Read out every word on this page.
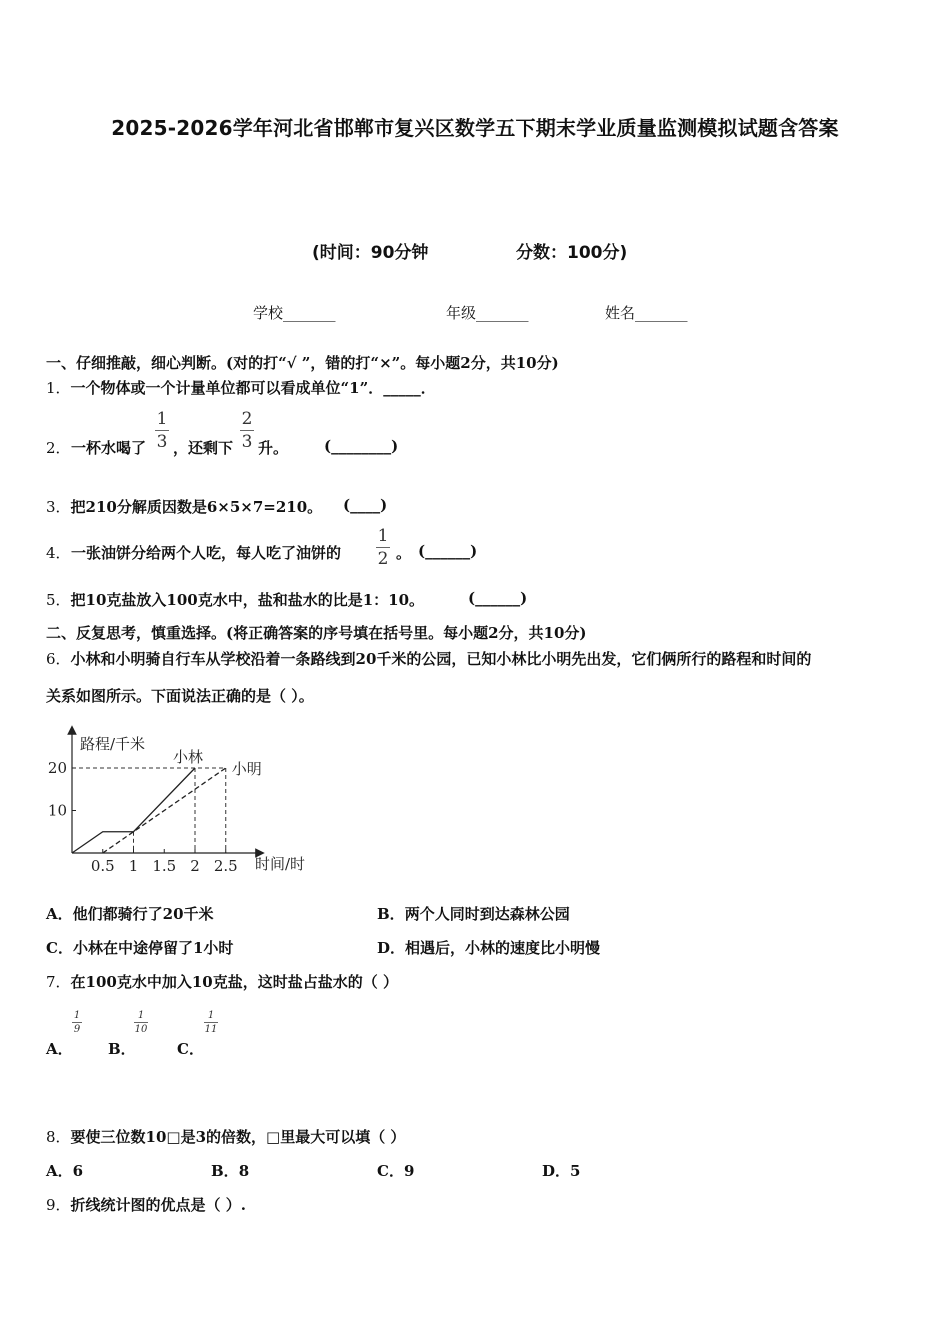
2025-2026学年河北省邯郸市复兴区数学五下期末学业质量监测模拟试题含答案
(时间：90分钟	分数：100分)
学校_______	年级_______	姓名_______
一、仔细推敲，细心判断。(对的打“√ ”，错的打“×”。每小题2分，共10分)
1．一个物体或一个计量单位都可以看成单位“1”．_____．
2． 一杯水喝了
1
3 ，还剩下
2
3 升。 (________)
3．把210分解质因数是6×5×7=210。 (____)
4． 一张油饼分给两个人吃，每人吃了油饼的
1
2 。 (______)
5．把10克盐放入100克水中，盐和盐水的比是1：10。	(______)
二、反复思考，慎重选择。(将正确答案的序号填在括号里。每小题2分，共10分)
6．小林和小明骑自行车从学校沿着一条路线到20千米的公园，已知小林比小明先出发，它们俩所行的路程和时间的
关系如图所示。下面说法正确的是（ ）。
0.5 1 1.5 2 2.5
10
20
小林
小明
路程/千米
时间/时
A．他们都骑行了20千米	B．两个人同时到达森林公园
C．小林在中途停留了1小时	D．相遇后，小林的速度比小明慢
7．在100克水中加入10克盐，这时盐占盐水的（ ）
A．
1
9
B．
1
10
C．
1
11
8．要使三位数10□是3的倍数，□里最大可以填（ ）
A．6	B．8	C．9	D．5
9．折线统计图的优点是（ ）.
